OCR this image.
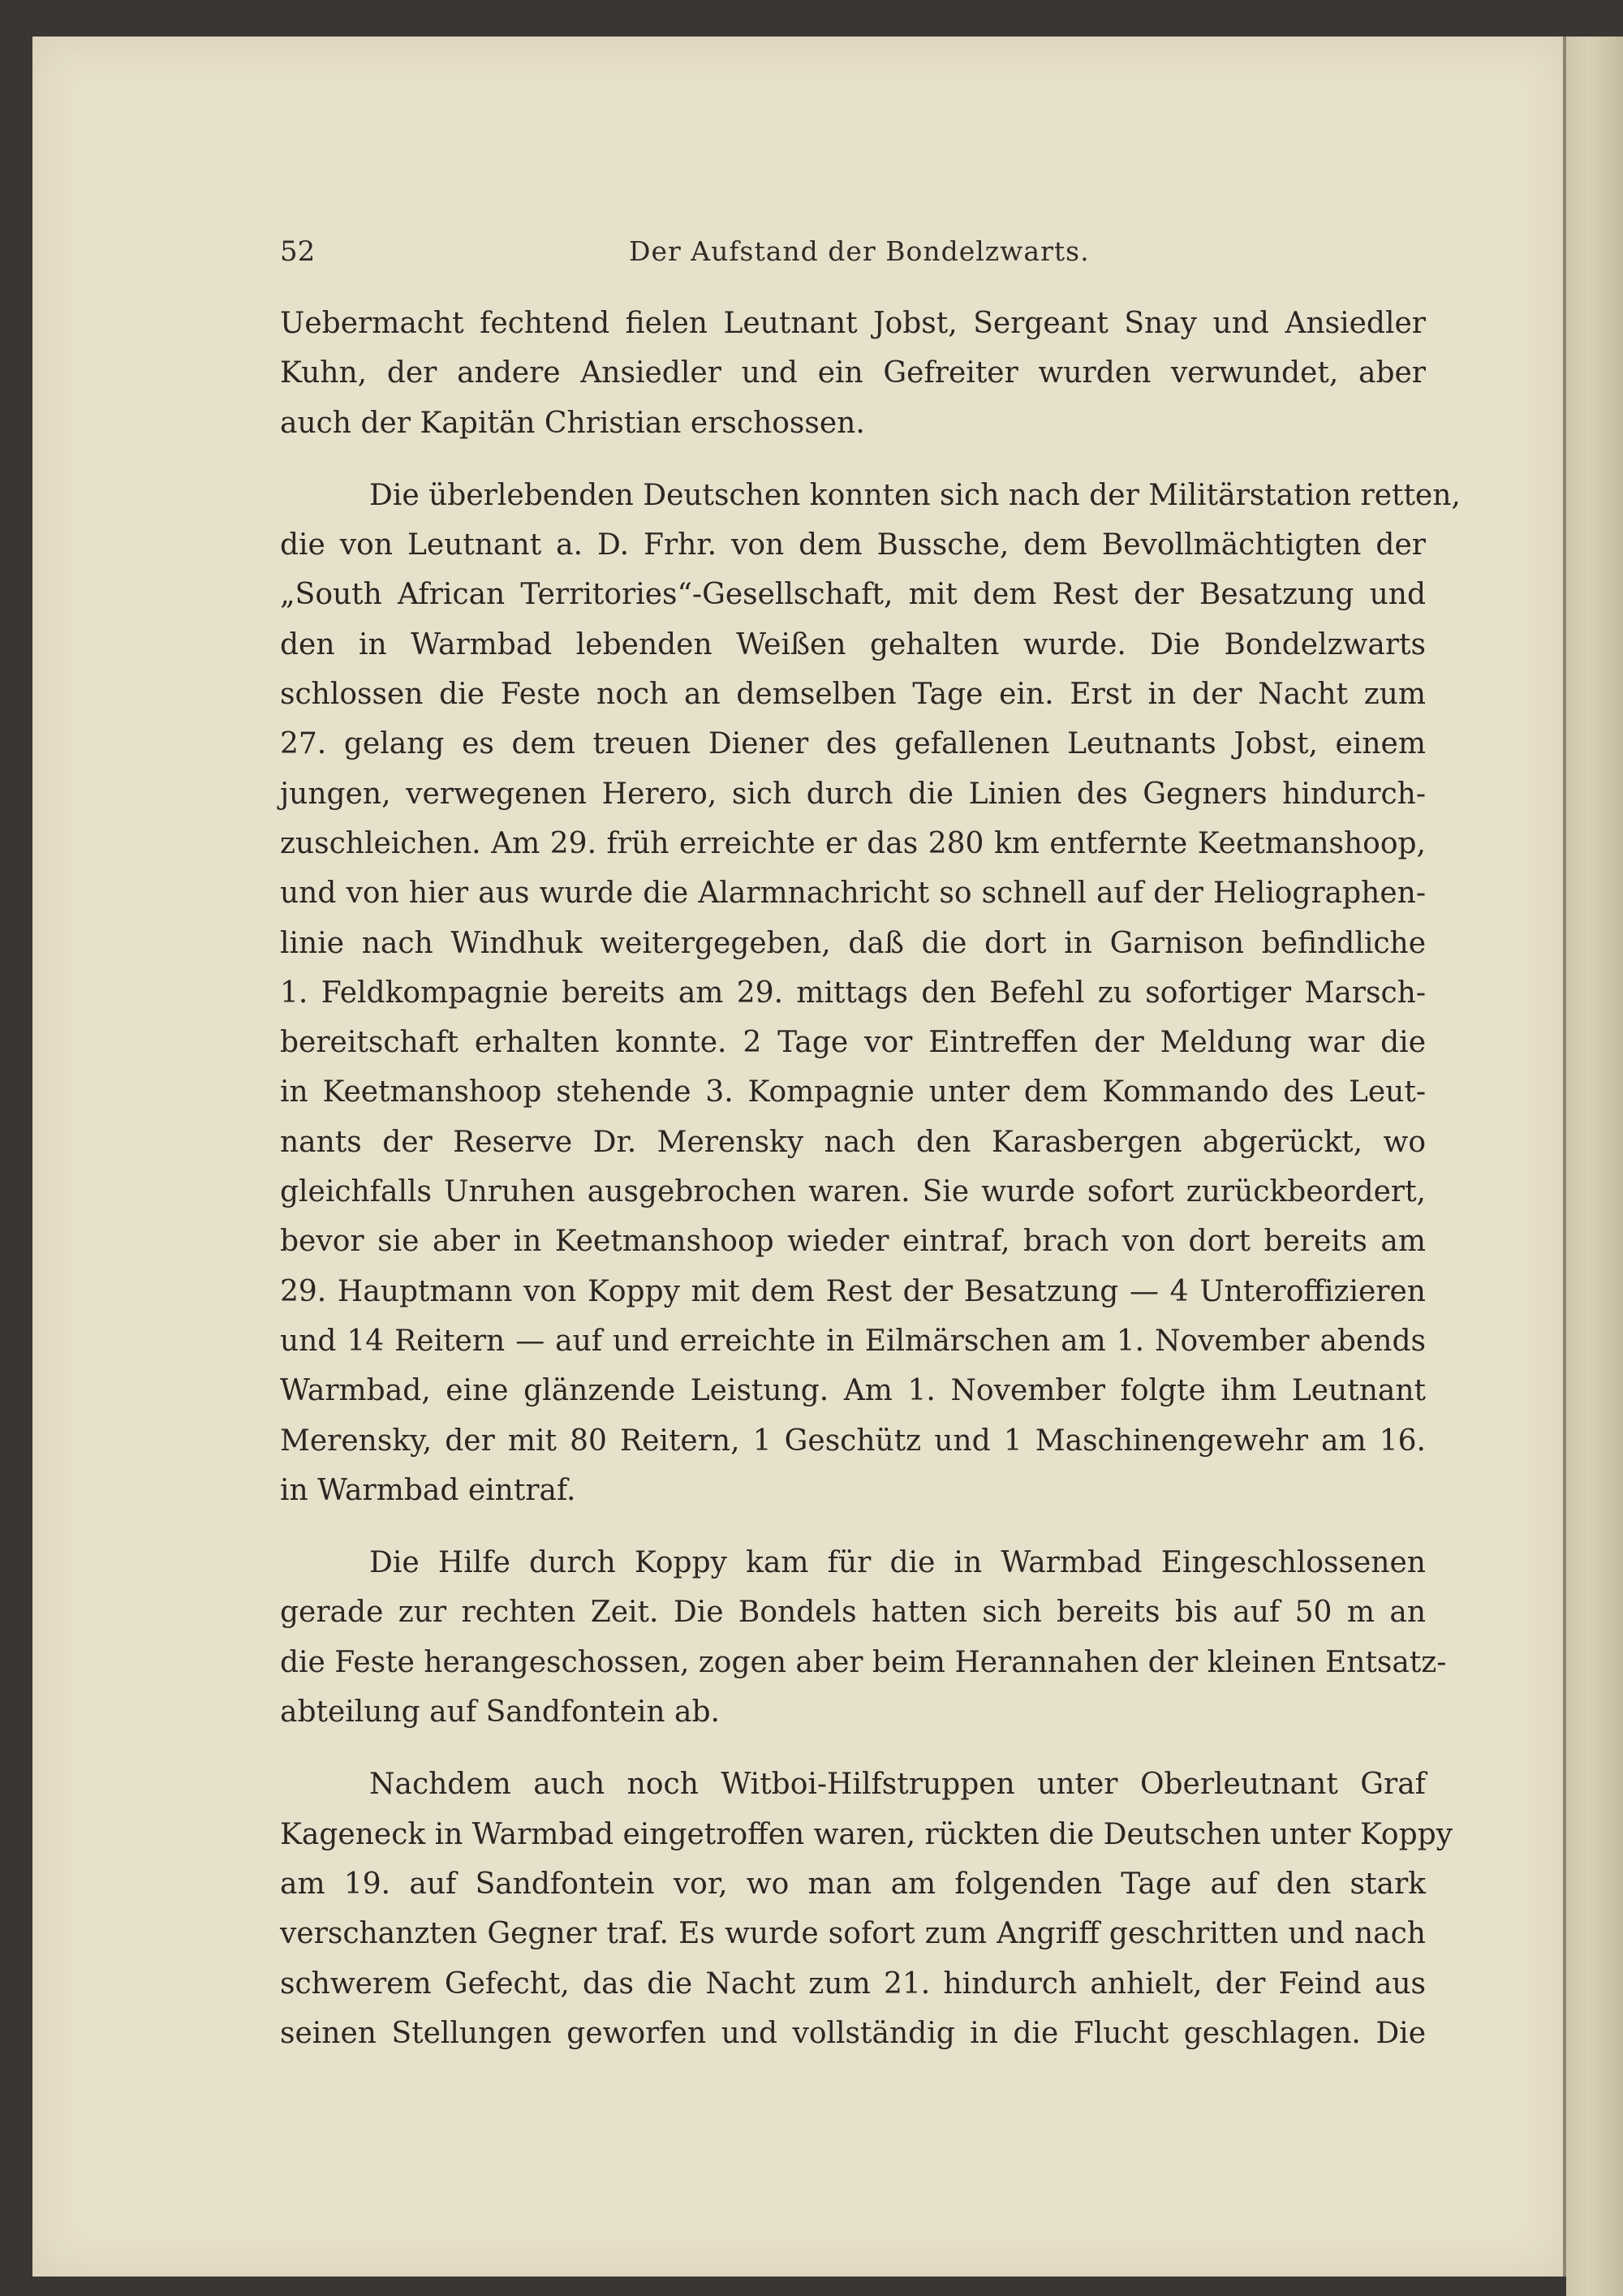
52	Der Aufstand der Bondelzwarts.
Uebermacht fechtend fielen Leutnant Jobst, Sergeant Snay und Ansiedler
Kuhn, der andere Ansiedler und ein Gefreiter wurden verwundet, aber
auch der Kapitän Christian erschossen.
Die überlebenden Deutschen konnten sich nach der Militärstation retten,
die von Leutnant a. D. Frhr. von dem Bussche, dem Bevollmächtigten der
„South African Territories“-Gesellschaft, mit dem Rest der Besatzung und
den in Warmbad lebenden Weißen gehalten wurde. Die Bondelzwarts
schlossen die Feste noch an demselben Tage ein. Erst in der Nacht zum
27. gelang es dem treuen Diener des gefallenen Leutnants Jobst, einem
jungen, verwegenen Herero, sich durch die Linien des Gegners hindurch-
zuschleichen. Am 29. früh erreichte er das 280 km entfernte Keetmanshoop,
und von hier aus wurde die Alarmnachricht so schnell auf der Heliographen-
linie nach Windhuk weitergegeben, daß die dort in Garnison befindliche
1. Feldkompagnie bereits am 29. mittags den Befehl zu sofortiger Marsch-
bereitschaft erhalten konnte. 2 Tage vor Eintreffen der Meldung war die
in Keetmanshoop stehende 3. Kompagnie unter dem Kommando des Leut-
nants der Reserve Dr. Merensky nach den Karasbergen abgerückt, wo
gleichfalls Unruhen ausgebrochen waren. Sie wurde sofort zurückbeordert,
bevor sie aber in Keetmanshoop wieder eintraf, brach von dort bereits am
29. Hauptmann von Koppy mit dem Rest der Besatzung — 4 Unteroffizieren
und 14 Reitern — auf und erreichte in Eilmärschen am 1. November abends
Warmbad, eine glänzende Leistung. Am 1. November folgte ihm Leutnant
Merensky, der mit 80 Reitern, 1 Geschütz und 1 Maschinengewehr am 16.
in Warmbad eintraf.
Die Hilfe durch Koppy kam für die in Warmbad Eingeschlossenen
gerade zur rechten Zeit. Die Bondels hatten sich bereits bis auf 50 m an
die Feste herangeschossen, zogen aber beim Herannahen der kleinen Entsatz-
abteilung auf Sandfontein ab.
Nachdem auch noch Witboi-Hilfstruppen unter Oberleutnant Graf
Kageneck in Warmbad eingetroffen waren, rückten die Deutschen unter Koppy
am 19. auf Sandfontein vor, wo man am folgenden Tage auf den stark
verschanzten Gegner traf. Es wurde sofort zum Angriff geschritten und nach
schwerem Gefecht, das die Nacht zum 21. hindurch anhielt, der Feind aus
seinen Stellungen geworfen und vollständig in die Flucht geschlagen. Die
